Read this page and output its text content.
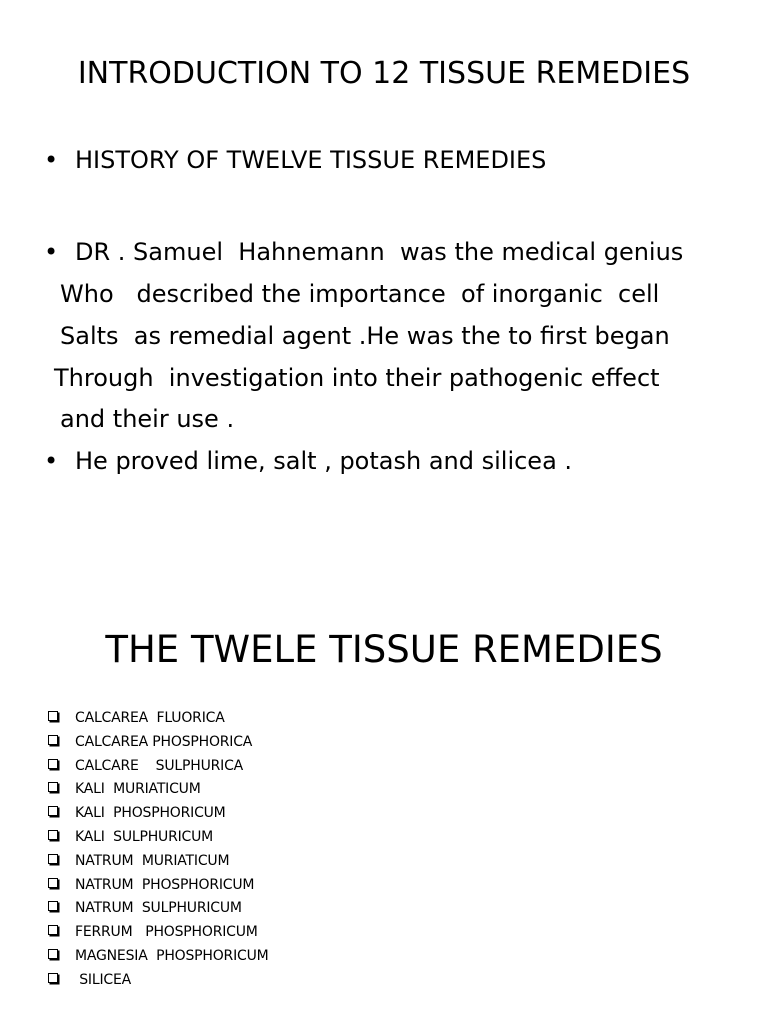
INTRODUCTION TO 12 TISSUE REMEDIES
• HISTORY OF TWELVE TISSUE REMEDIES
• DR . Samuel  Hahnemann  was the medical genius
Who   described the importance  of inorganic  cell
Salts  as remedial agent .He was the to first began
Through  investigation into their pathogenic effect
and their use .
• He proved lime, salt , potash and silicea .
THE TWELE TISSUE REMEDIES
CALCAREA  FLUORICA
CALCAREA PHOSPHORICA
CALCARE    SULPHURICA
KALI  MURIATICUM
KALI  PHOSPHORICUM
KALI  SULPHURICUM
NATRUM  MURIATICUM
NATRUM  PHOSPHORICUM
NATRUM  SULPHURICUM
FERRUM   PHOSPHORICUM
MAGNESIA  PHOSPHORICUM
SILICEA
